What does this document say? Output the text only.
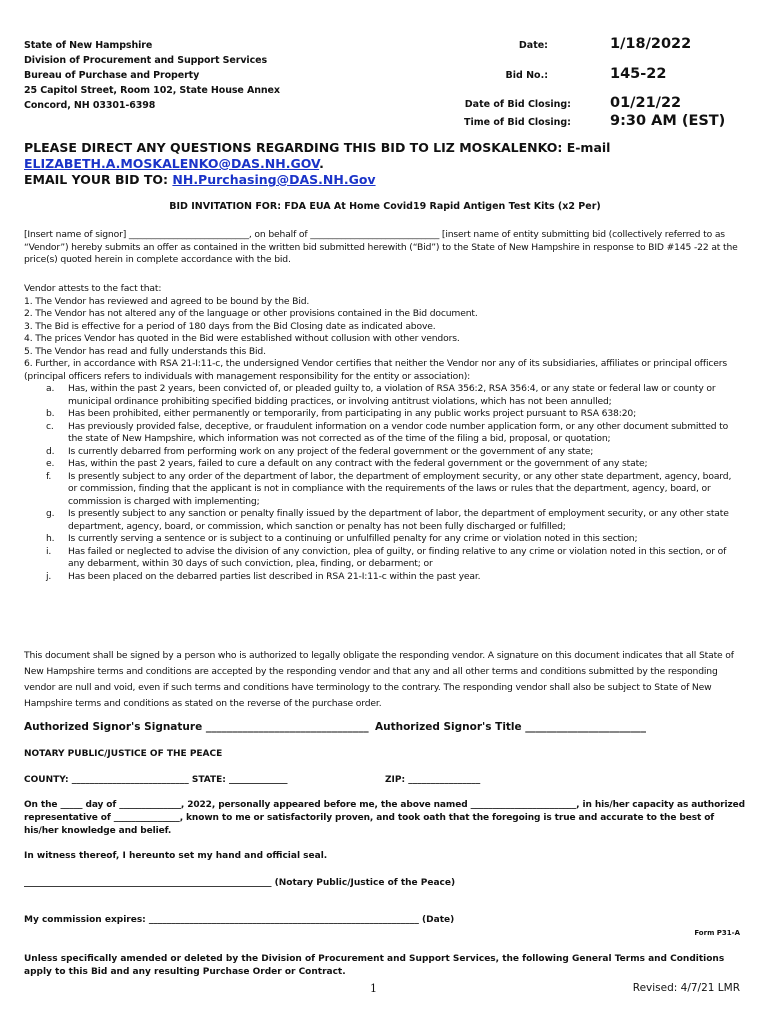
State of New Hampshire
Division of Procurement and Support Services
Bureau of Purchase and Property
25 Capitol Street, Room 102, State House Annex
Concord, NH 03301-6398
Date:	1/18/2022
Bid No.:	145-22
Date of Bid Closing:	01/21/22
Time of Bid Closing:	9:30 AM (EST)
PLEASE DIRECT ANY QUESTIONS REGARDING THIS BID TO LIZ MOSKALENKO: E-mail
ELIZABETH.A.MOSKALENKO@DAS.NH.GOV.
EMAIL YOUR BID TO: NH.Purchasing@DAS.NH.Gov
BID INVITATION FOR: FDA EUA At Home Covid19 Rapid Antigen Test Kits (x2 Per)
[Insert name of signor] ___________________________, on behalf of _____________________________ [insert name of entity submitting bid (collectively referred to as “Vendor”) hereby submits an offer as contained in the written bid submitted herewith (“Bid”) to the State of New Hampshire in response to BID #145 -22 at the price(s) quoted herein in complete accordance with the bid.
Vendor attests to the fact that:
1. The Vendor has reviewed and agreed to be bound by the Bid.
2. The Vendor has not altered any of the language or other provisions contained in the Bid document.
3. The Bid is effective for a period of 180 days from the Bid Closing date as indicated above.
4. The prices Vendor has quoted in the Bid were established without collusion with other vendors.
5. The Vendor has read and fully understands this Bid.
6. Further, in accordance with RSA 21-I:11-c, the undersigned Vendor certifies that neither the Vendor nor any of its subsidiaries, affiliates or principal officers (principal officers refers to individuals with management responsibility for the entity or association):
a. Has, within the past 2 years, been convicted of, or pleaded guilty to, a violation of RSA 356:2, RSA 356:4, or any state or federal law or county or municipal ordinance prohibiting specified bidding practices, or involving antitrust violations, which has not been annulled;
b. Has been prohibited, either permanently or temporarily, from participating in any public works project pursuant to RSA 638:20;
c. Has previously provided false, deceptive, or fraudulent information on a vendor code number application form, or any other document submitted to the state of New Hampshire, which information was not corrected as of the time of the filing a bid, proposal, or quotation;
d. Is currently debarred from performing work on any project of the federal government or the government of any state;
e. Has, within the past 2 years, failed to cure a default on any contract with the federal government or the government of any state;
f. Is presently subject to any order of the department of labor, the department of employment security, or any other state department, agency, board, or commission, finding that the applicant is not in compliance with the requirements of the laws or rules that the department, agency, board, or commission is charged with implementing;
g. Is presently subject to any sanction or penalty finally issued by the department of labor, the department of employment security, or any other state department, agency, board, or commission, which sanction or penalty has not been fully discharged or fulfilled;
h. Is currently serving a sentence or is subject to a continuing or unfulfilled penalty for any crime or violation noted in this section;
i. Has failed or neglected to advise the division of any conviction, plea of guilty, or finding relative to any crime or violation noted in this section, or of any debarment, within 30 days of such conviction, plea, finding, or debarment; or
j. Has been placed on the debarred parties list described in RSA 21-I:11-c within the past year.
This document shall be signed by a person who is authorized to legally obligate the responding vendor. A signature on this document indicates that all State of New Hampshire terms and conditions are accepted by the responding vendor and that any and all other terms and conditions submitted by the responding vendor are null and void, even if such terms and conditions have terminology to the contrary. The responding vendor shall also be subject to State of New Hampshire terms and conditions as stated on the reverse of the purchase order.
Authorized Signor's Signature _______________________________ Authorized Signor's Title _______________________
NOTARY PUBLIC/JUSTICE OF THE PEACE
COUNTY: __________________________ STATE: _____________	ZIP: ________________
On the _____ day of ______________, 2022, personally appeared before me, the above named ________________________, in his/her capacity as authorized representative of _______________, known to me or satisfactorily proven, and took oath that the foregoing is true and accurate to the best of his/her knowledge and belief.
In witness thereof, I hereunto set my hand and official seal.
_______________________________________________________ (Notary Public/Justice of the Peace)
My commission expires: ____________________________________________________________ (Date)
Form P31-A
Unless specifically amended or deleted by the Division of Procurement and Support Services, the following General Terms and Conditions apply to this Bid and any resulting Purchase Order or Contract.
1	Revised: 4/7/21 LMR
